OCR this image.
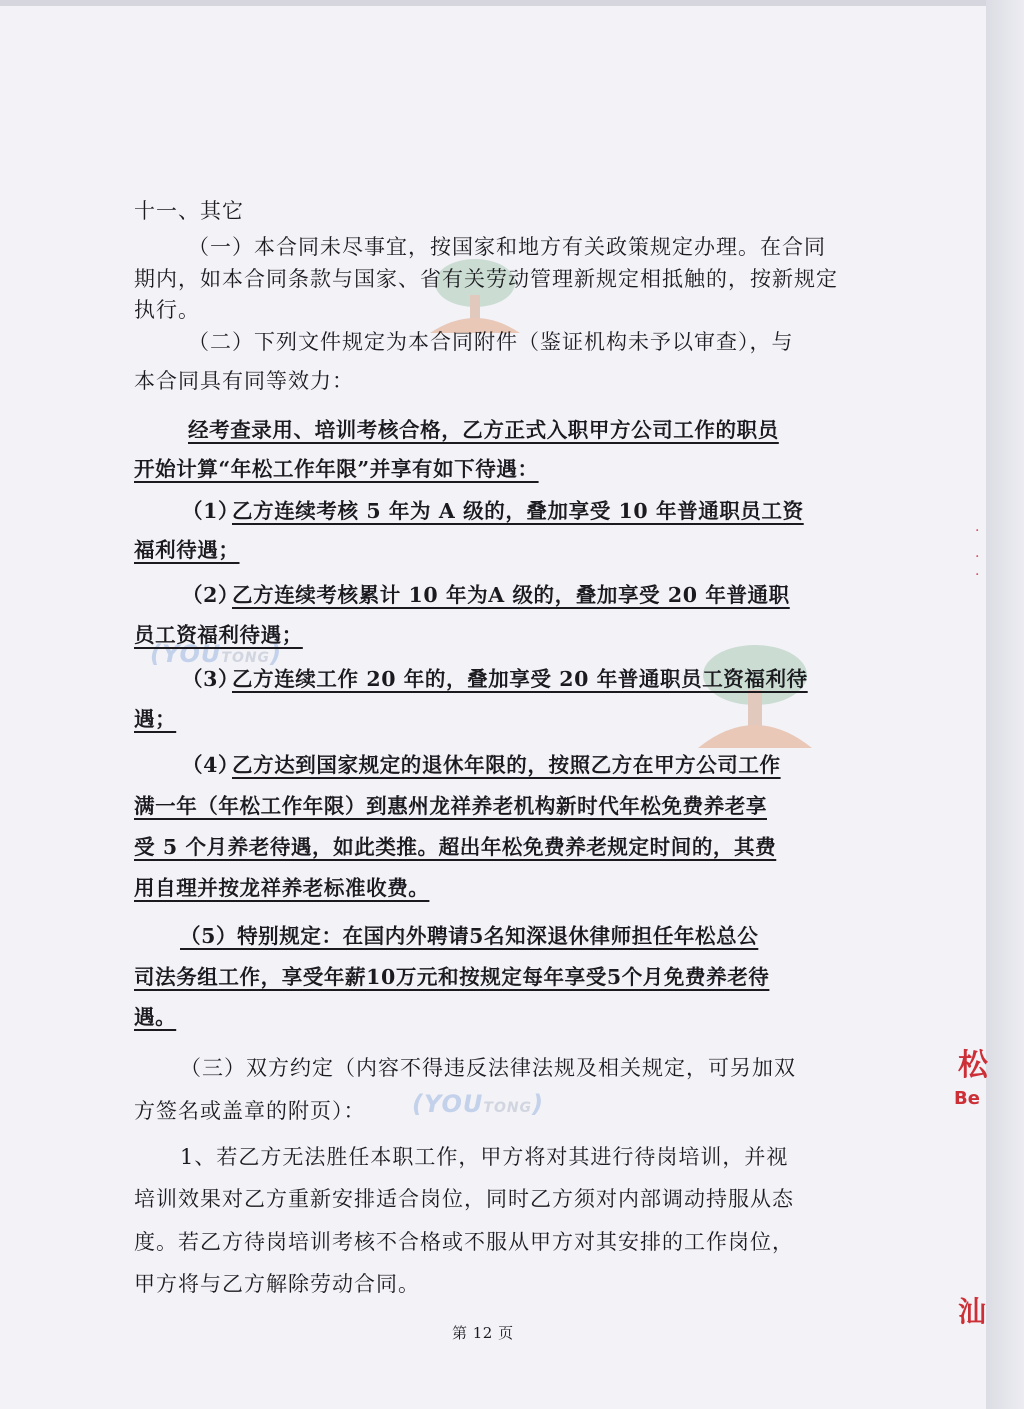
(YOUTONG)
(YOUTONG)
十一、其它
（一）本合同未尽事宜，按国家和地方有关政策规定办理。在合同
期内，如本合同条款与国家、省有关劳动管理新规定相抵触的，按新规定
执行。
（二）下列文件规定为本合同附件（鉴证机构未予以审查），与
本合同具有同等效力：
经考查录用、培训考核合格，乙方正式入职甲方公司工作的职员
开始计算“年松工作年限”并享有如下待遇：
（1）
乙方连续考核 5 年为 A 级的，叠加享受 10 年普通职员工资
福利待遇；
（2）
乙方连续考核累计 10 年为A 级的，叠加享受 20 年普通职
员工资福利待遇；
（3）
乙方连续工作 20 年的，叠加享受 20 年普通职员工资福利待
遇；
（4）
乙方达到国家规定的退休年限的，按照乙方在甲方公司工作
满一年（年松工作年限）到惠州龙祥养老机构新时代年松免费养老享
受 5 个月养老待遇，如此类推。超出年松免费养老规定时间的，其费
用自理并按龙祥养老标准收费。
（5）特别规定：在国内外聘请5名知深退休律师担任年松总公
司法务组工作，享受年薪10万元和按规定每年享受5个月免费养老待
遇。
（三）双方约定（内容不得违反法律法规及相关规定，可另加双
方签名或盖章的附页）：
1、若乙方无法胜任本职工作，甲方将对其进行待岗培训，并视
培训效果对乙方重新安排适合岗位，同时乙方须对内部调动持服从态
度。若乙方待岗培训考核不合格或不服从甲方对其安排的工作岗位，
甲方将与乙方解除劳动合同。
第 12 页
·
.
·
松
Be
汕
